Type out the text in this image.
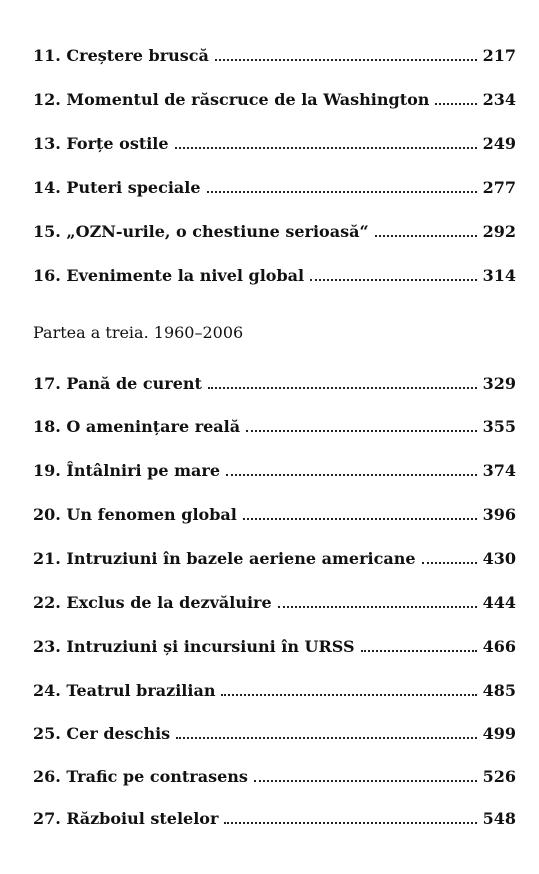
11. Creștere bruscă	217
12. Momentul de răscruce de la Washington	234
13. Forțe ostile	249
14. Puteri speciale	277
15. „OZN-urile, o chestiune serioasă“	292
16. Evenimente la nivel global	314
Partea a treia. 1960–2006
17. Pană de curent	329
18. O amenințare reală	355
19. Întâlniri pe mare	374
20. Un fenomen global	396
21. Intruziuni în bazele aeriene americane	430
22. Exclus de la dezvăluire	444
23. Intruziuni și incursiuni în URSS	466
24. Teatrul brazilian	485
25. Cer deschis	499
26. Trafic pe contrasens	526
27. Războiul stelelor	548
